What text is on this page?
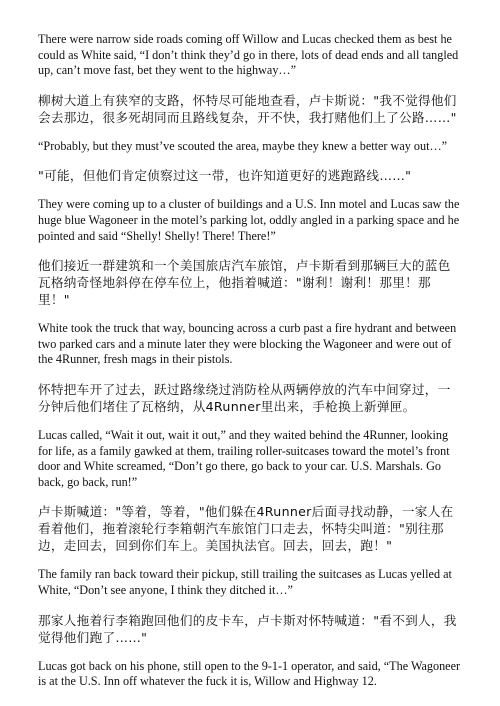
There were narrow side roads coming off Willow and Lucas checked them as best he could as White said, “I don’t think they’d go in there, lots of dead ends and all tangled up, can’t move fast, bet they went to the highway…”

柳树大道上有狭窄的支路，怀特尽可能地查看，卢卡斯说："我不觉得他们会去那边，很多死胡同而且路线复杂，开不快，我打赌他们上了公路……"

“Probably, but they must’ve scouted the area, maybe they knew a better way out…”

"可能，但他们肯定侦察过这一带，也许知道更好的逃跑路线……"

They were coming up to a cluster of buildings and a U.S. Inn motel and Lucas saw the huge blue Wagoneer in the motel’s parking lot, oddly angled in a parking space and he pointed and said “Shelly! Shelly! There! There!”

他们接近一群建筑和一个美国旅店汽车旅馆，卢卡斯看到那辆巨大的蓝色瓦格纳奇怪地斜停在停车位上，他指着喊道："谢利！谢利！那里！那里！"

White took the truck that way, bouncing across a curb past a fire hydrant and between two parked cars and a minute later they were blocking the Wagoneer and were out of the 4Runner, fresh mags in their pistols.

怀特把车开了过去，跃过路缘绕过消防栓从两辆停放的汽车中间穿过，一分钟后他们堵住了瓦格纳，从4Runner里出来，手枪换上新弹匣。

Lucas called, “Wait it out, wait it out,” and they waited behind the 4Runner, looking for life, as a family gawked at them, trailing roller-suitcases toward the motel’s front door and White screamed, “Don’t go there, go back to your car. U.S. Marshals. Go back, go back, run!”

卢卡斯喊道："等着，等着，"他们躲在4Runner后面寻找动静，一家人在看着他们，拖着滚轮行李箱朝汽车旅馆门口走去，怀特尖叫道："别往那边，走回去，回到你们车上。美国执法官。回去，回去，跑！"

The family ran back toward their pickup, still trailing the suitcases as Lucas yelled at White, “Don’t see anyone, I think they ditched it…”

那家人拖着行李箱跑回他们的皮卡车，卢卡斯对怀特喊道："看不到人，我觉得他们跑了……"

Lucas got back on his phone, still open to the 9-1-1 operator, and said, “The Wagoneer is at the U.S. Inn off whatever the fuck it is, Willow and Highway 12.
